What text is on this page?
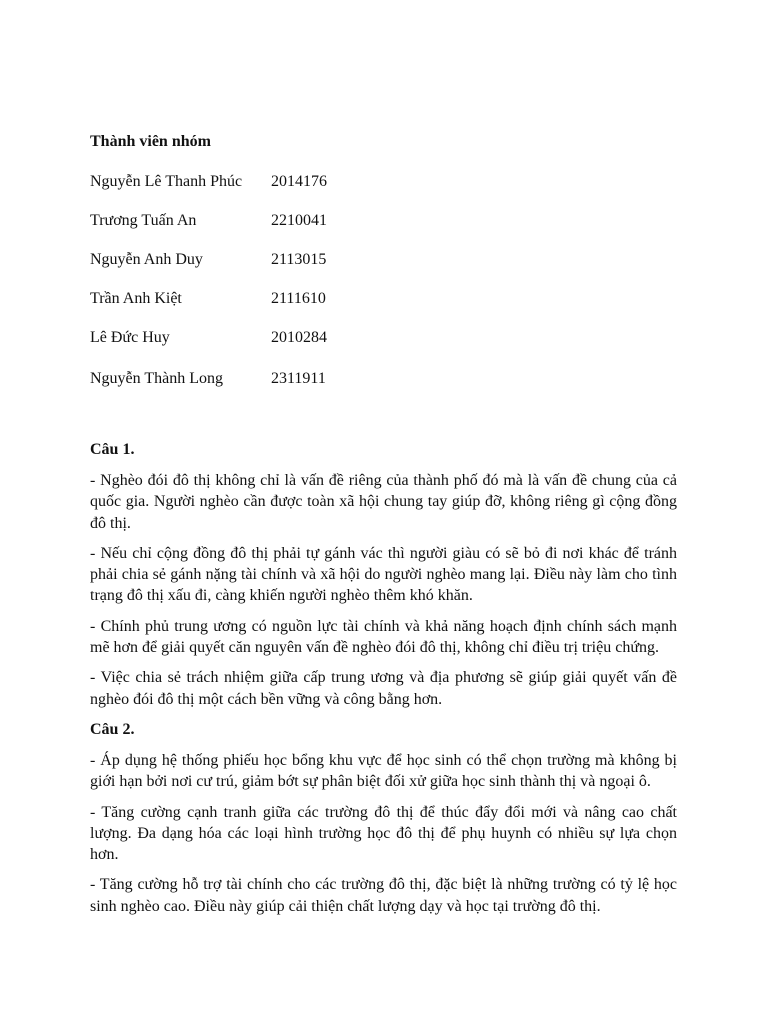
Thành viên nhóm
Nguyễn Lê Thanh Phúc 2014176
Trương Tuấn An	2210041
Nguyễn Anh Duy	2113015
Trần Anh Kiệt	2111610
Lê Đức Huy	2010284
Nguyễn Thành Long	2311911
Câu 1.

- Nghèo đói đô thị không chỉ là vấn đề riêng của thành phố đó mà là vấn đề chung của cả quốc gia. Người nghèo cần được toàn xã hội chung tay giúp đỡ, không riêng gì cộng đồng đô thị.

- Nếu chỉ cộng đồng đô thị phải tự gánh vác thì người giàu có sẽ bỏ đi nơi khác để tránh phải chia sẻ gánh nặng tài chính và xã hội do người nghèo mang lại. Điều này làm cho tình trạng đô thị xấu đi, càng khiến người nghèo thêm khó khăn.

- Chính phủ trung ương có nguồn lực tài chính và khả năng hoạch định chính sách mạnh mẽ hơn để giải quyết căn nguyên vấn đề nghèo đói đô thị, không chỉ điều trị triệu chứng.

- Việc chia sẻ trách nhiệm giữa cấp trung ương và địa phương sẽ giúp giải quyết vấn đề nghèo đói đô thị một cách bền vững và công bằng hơn.

Câu 2.

- Áp dụng hệ thống phiếu học bổng khu vực để học sinh có thể chọn trường mà không bị giới hạn bởi nơi cư trú, giảm bớt sự phân biệt đối xử giữa học sinh thành thị và ngoại ô.

- Tăng cường cạnh tranh giữa các trường đô thị để thúc đẩy đổi mới và nâng cao chất lượng. Đa dạng hóa các loại hình trường học đô thị để phụ huynh có nhiều sự lựa chọn hơn.

- Tăng cường hỗ trợ tài chính cho các trường đô thị, đặc biệt là những trường có tỷ lệ học sinh nghèo cao. Điều này giúp cải thiện chất lượng dạy và học tại trường đô thị.
